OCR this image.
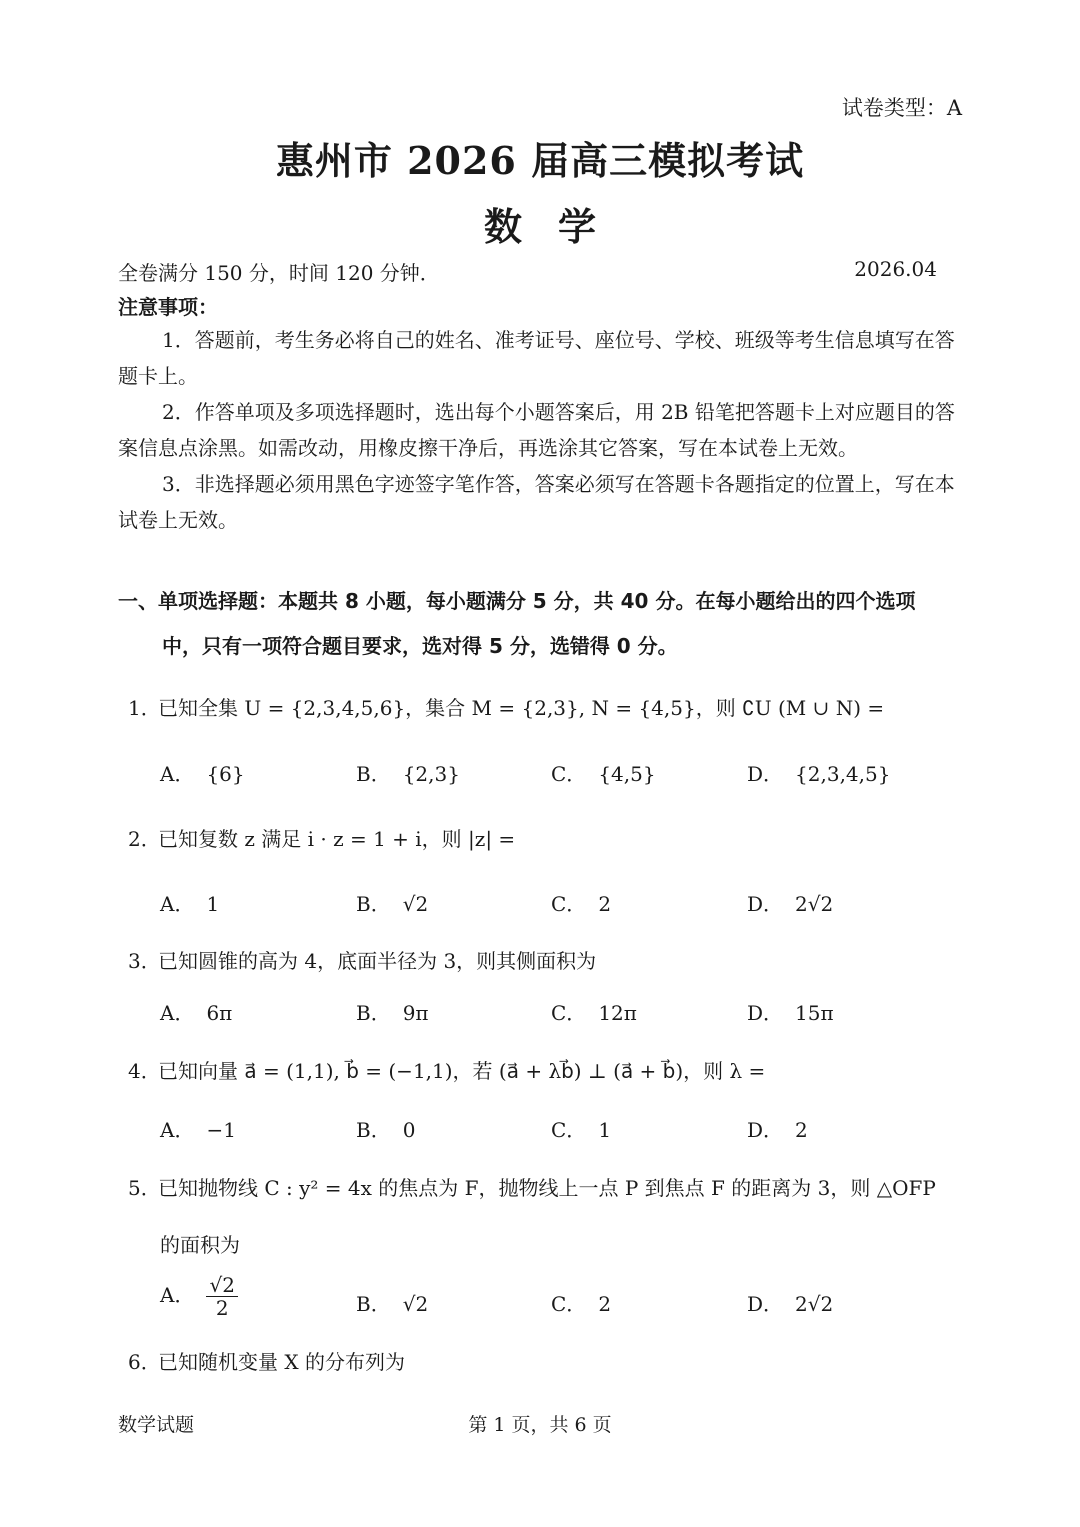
试卷类型：A
惠州市 2026 届高三模拟考试
数学
全卷满分 150 分，时间 120 分钟．	2026.04
注意事项：
1．答题前，考生务必将自己的姓名、准考证号、座位号、学校、班级等考生信息填写在答题卡上。
2．作答单项及多项选择题时，选出每个小题答案后，用 2B 铅笔把答题卡上对应题目的答案信息点涂黑。如需改动，用橡皮擦干净后，再选涂其它答案，写在本试卷上无效。
3．非选择题必须用黑色字迹签字笔作答，答案必须写在答题卡各题指定的位置上，写在本试卷上无效。
一、单项选择题：本题共 8 小题，每小题满分 5 分，共 40 分。在每小题给出的四个选项
中，只有一项符合题目要求，选对得 5 分，选错得 0 分。
1．已知全集 U = {2,3,4,5,6}，集合 M = {2,3}, N = {4,5}，则 ∁U (M ∪ N) =
A． {6}	B． {2,3}	C． {4,5}	D． {2,3,4,5}
2．已知复数 z 满足 i · z = 1 + i，则 |z| =
A． 1	B． √2	C． 2	D． 2√2
3．已知圆锥的高为 4，底面半径为 3，则其侧面积为
A． 6π	B． 9π	C． 12π	D． 15π
4．已知向量 a⃗ = (1,1), b⃗ = (−1,1)，若 (a⃗ + λb⃗) ⊥ (a⃗ + b⃗)，则 λ =
A． −1	B． 0	C． 1	D． 2
5．已知抛物线 C : y² = 4x 的焦点为 F，抛物线上一点 P 到焦点 F 的距离为 3，则 △OFP
的面积为
A． $\frac{√2}{2}$	B． √2	C． 2	D． 2√2
6．已知随机变量 X 的分布列为
数学试题	第 1 页，共 6 页
